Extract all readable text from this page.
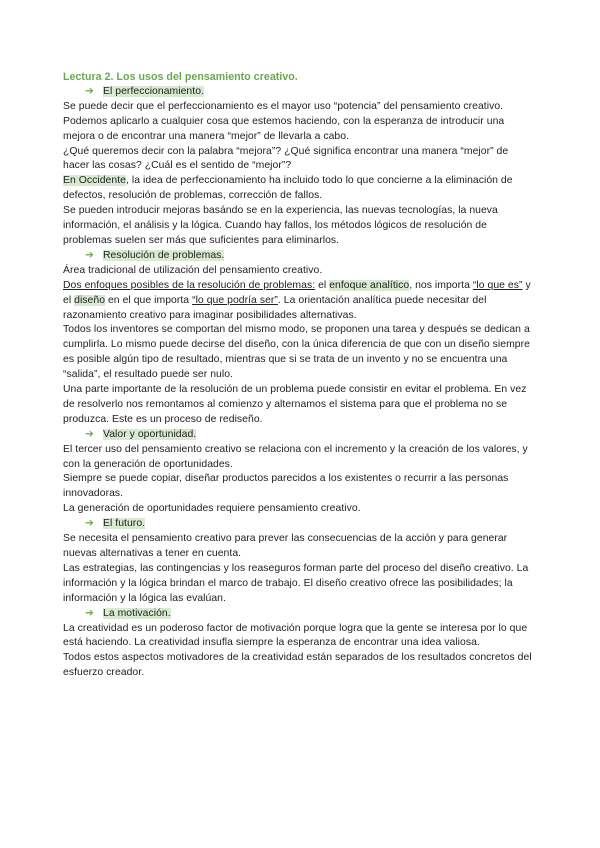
Lectura 2. Los usos del pensamiento creativo.

➔ El perfeccionamiento.

Se puede decir que el perfeccionamiento es el mayor uso “potencia” del pensamiento creativo. Podemos aplicarlo a cualquier cosa que estemos haciendo, con la esperanza de introducir una mejora o de encontrar una manera “mejor” de llevarla a cabo.

¿Qué queremos decir con la palabra “mejora”? ¿Qué significa encontrar una manera “mejor” de hacer las cosas? ¿Cuál es el sentido de “mejor”?

En Occidente, la idea de perfeccionamiento ha incluido todo lo que concierne a la eliminación de defectos, resolución de problemas, corrección de fallos.

Se pueden introducir mejoras basándo se en la experiencia, las nuevas tecnologías, la nueva información, el análisis y la lógica. Cuando hay fallos, los métodos lógicos de resolución de problemas suelen ser más que suficientes para eliminarlos.

➔ Resolución de problemas.

Área tradicional de utilización del pensamiento creativo.

Dos enfoques posibles de la resolución de problemas: el enfoque analítico, nos importa “lo que es” y el diseño en el que importa “lo que podría ser”. La orientación analítica puede necesitar del razonamiento creativo para imaginar posibilidades alternativas.

Todos los inventores se comportan del mismo modo, se proponen una tarea y después se dedican a cumplirla. Lo mismo puede decirse del diseño, con la única diferencia de que con un diseño siempre es posible algún tipo de resultado, mientras que si se trata de un invento y no se encuentra una “salida”, el resultado puede ser nulo.

Una parte importante de la resolución de un problema puede consistir en evitar el problema. En vez de resolverlo nos remontamos al comienzo y alternamos el sistema para que el problema no se produzca. Este es un proceso de rediseño.

➔ Valor y oportunidad.

El tercer uso del pensamiento creativo se relaciona con el incremento y la creación de los valores, y con la generación de oportunidades.

Siempre se puede copiar, diseñar productos parecidos a los existentes o recurrir a las personas innovadoras.

La generación de oportunidades requiere pensamiento creativo.

➔ El futuro.

Se necesita el pensamiento creativo para prever las consecuencias de la acción y para generar nuevas alternativas a tener en cuenta.

Las estrategias, las contingencias y los reaseguros forman parte del proceso del diseño creativo. La información y la lógica brindan el marco de trabajo. El diseño creativo ofrece las posibilidades; la información y la lógica las evalúan.

➔ La motivación.

La creatividad es un poderoso factor de motivación porque logra que la gente se interesa por lo que está haciendo. La creatividad insufla siempre la esperanza de encontrar una idea valiosa.

Todos estos aspectos motivadores de la creatividad están separados de los resultados concretos del esfuerzo creador.
